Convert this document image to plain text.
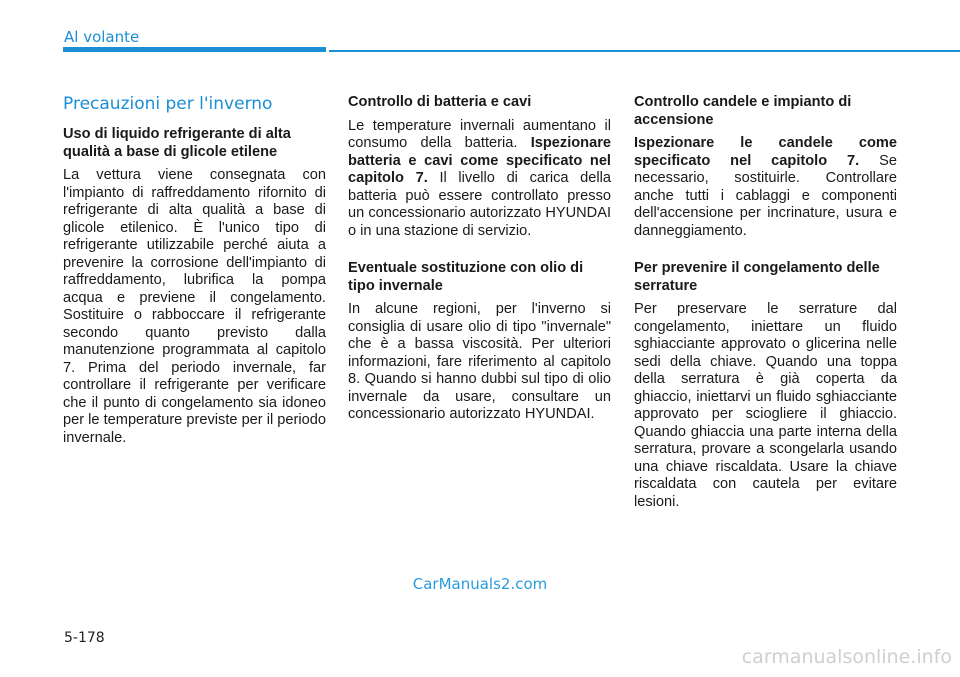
Al volante
Precauzioni per l'inverno
Uso di liquido refrigerante di alta qualità a base di glicole etilene

La vettura viene consegnata con l'impianto di raffreddamento rifornito di refrigerante di alta qualità a base di glicole etilenico. È l'unico tipo di refrigerante utilizzabile perché aiuta a prevenire la corrosione dell'impianto di raffreddamento, lubrifica la pompa acqua e previene il congelamento. Sostituire o rabboccare il refrigerante secondo quanto previsto dalla manutenzione programmata al capitolo 7. Prima del periodo invernale, far controllare il refrigerante per verificare che il punto di congelamento sia idoneo per le temperature previste per il periodo invernale.

Controllo di batteria e cavi

Le temperature invernali aumentano il consumo della batteria. Ispezionare batteria e cavi come specificato nel capitolo 7. Il livello di carica della batteria può essere controllato presso un concessionario autorizzato HYUNDAI o in una stazione di servizio.

Eventuale sostituzione con olio di tipo invernale

In alcune regioni, per l'inverno si consiglia di usare olio di tipo "invernale" che è a bassa viscosità. Per ulteriori informazioni, fare riferimento al capitolo 8. Quando si hanno dubbi sul tipo di olio invernale da usare, consultare un concessionario autorizzato HYUNDAI.

Controllo candele e impianto di accensione

Ispezionare le candele come specificato nel capitolo 7. Se necessario, sostituirle. Controllare anche tutti i cablaggi e componenti dell'accensione per incrinature, usura e danneggiamento.

Per prevenire il congelamento delle serrature

Per preservare le serrature dal congelamento, iniettare un fluido sghiacciante approvato o glicerina nelle sedi della chiave. Quando una toppa della serratura è già coperta da ghiaccio, iniettarvi un fluido sghiacciante approvato per sciogliere il ghiaccio. Quando ghiaccia una parte interna della serratura, provare a scongelarla usando una chiave riscaldata. Usare la chiave riscaldata con cautela per evitare lesioni.

CarManuals2.com
5-178
carmanualsonline.info
